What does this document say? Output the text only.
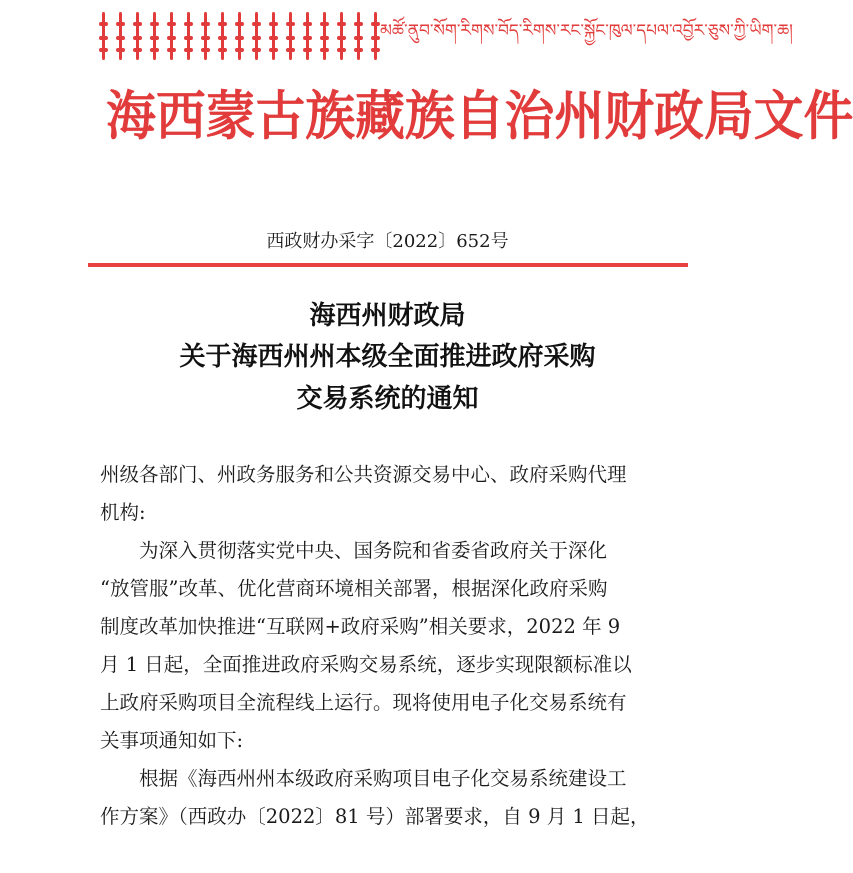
མཚོ་ནུབ་སོག་རིགས་བོད་རིགས་རང་སྐྱོང་ཁུལ་དཔལ་འབྱོར་ཅུས་ཀྱི་ཡིག་ཆ།
海西蒙古族藏族自治州财政局文件
西政财办采字〔2022〕652号
海西州财政局
关于海西州州本级全面推进政府采购
交易系统的通知
州级各部门、州政务服务和公共资源交易中心、政府采购代理
机构:
　　为深入贯彻落实党中央、国务院和省委省政府关于深化
“放管服”改革、优化营商环境相关部署，根据深化政府采购
制度改革加快推进“互联网+政府采购”相关要求，2022 年 9
月 1 日起，全面推进政府采购交易系统，逐步实现限额标准以
上政府采购项目全流程线上运行。现将使用电子化交易系统有
关事项通知如下:
　　根据《海西州州本级政府采购项目电子化交易系统建设工
作方案》（西政办〔2022〕81 号）部署要求，自 9 月 1 日起，
